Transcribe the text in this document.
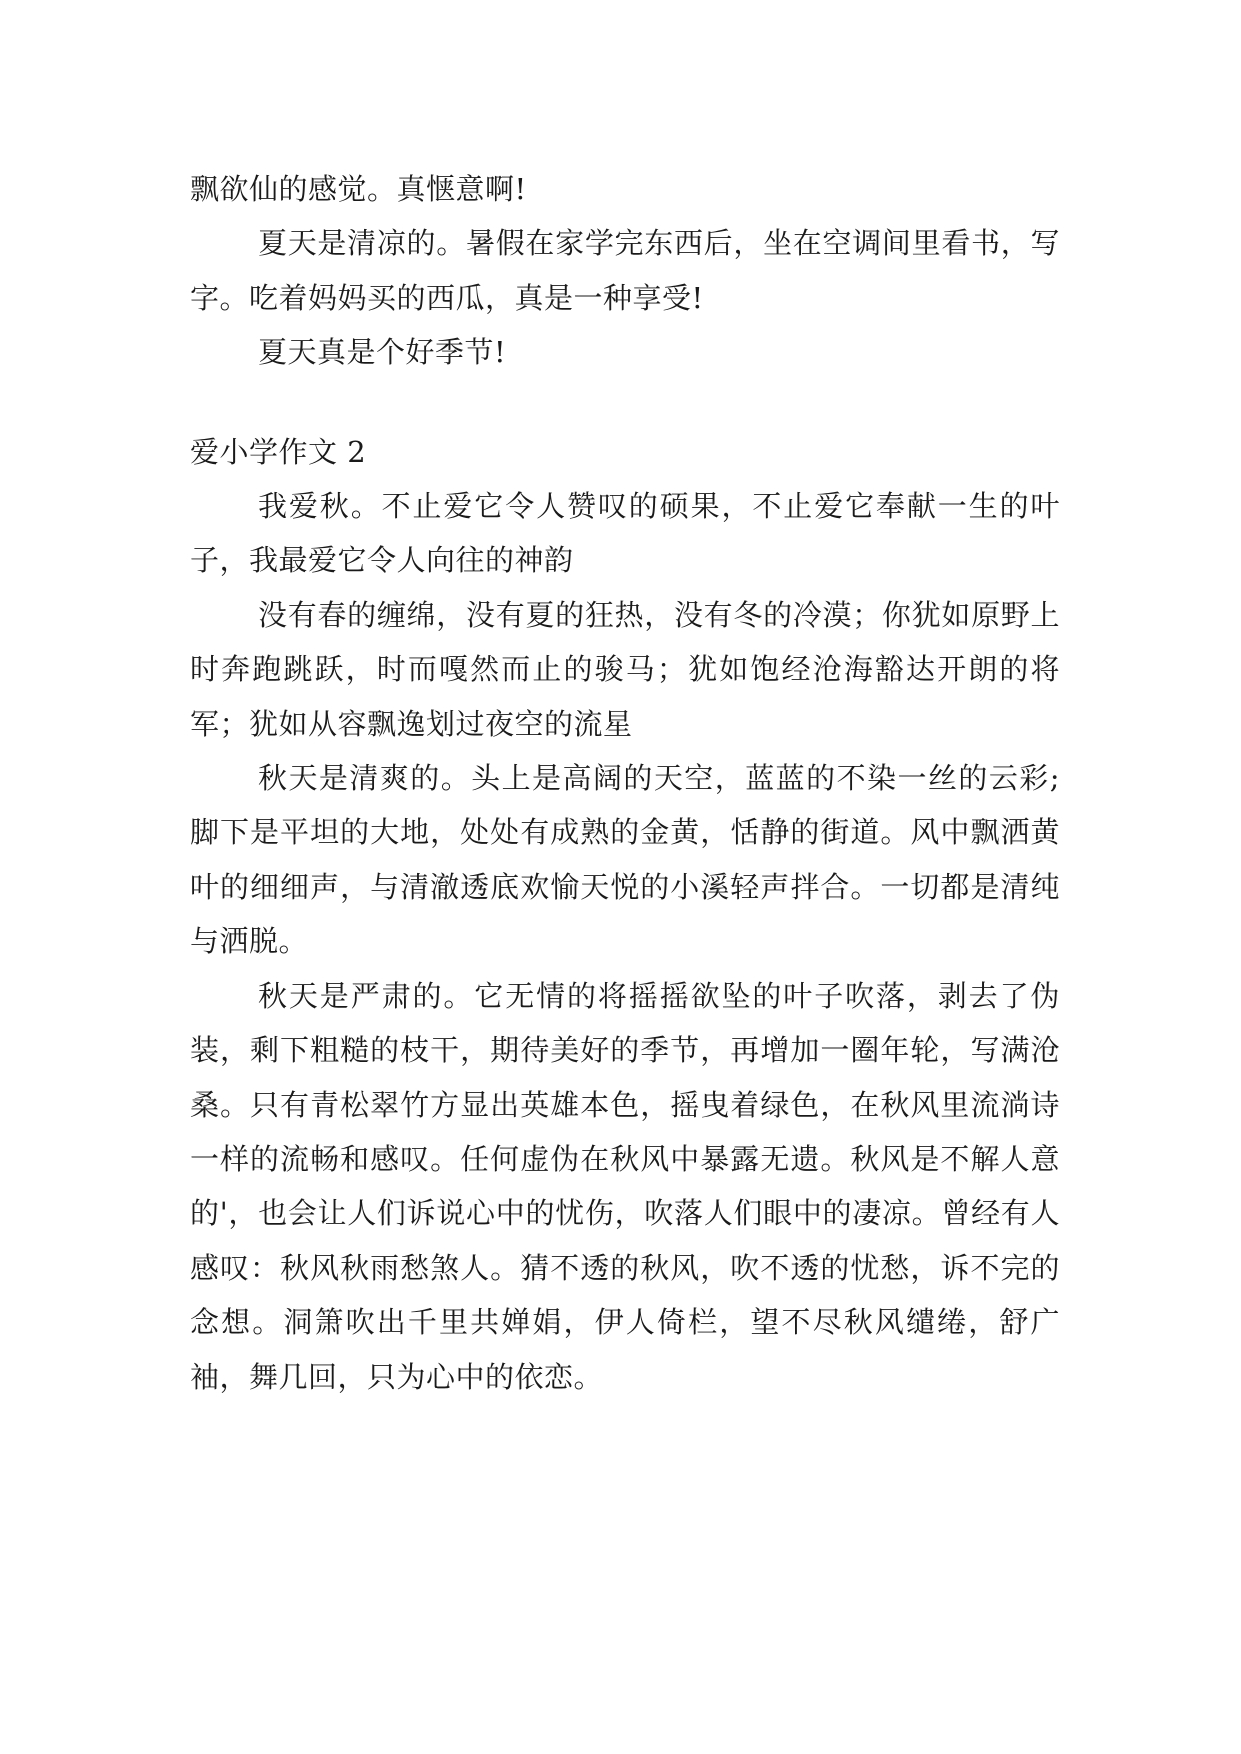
飘欲仙的感觉。真惬意啊!

夏天是清凉的。暑假在家学完东西后，坐在空调间里看书，写字。吃着妈妈买的西瓜，真是一种享受!

夏天真是个好季节!

爱小学作文 2

我爱秋。不止爱它令人赞叹的硕果，不止爱它奉献一生的叶子，我最爱它令人向往的神韵

没有春的缠绵，没有夏的狂热，没有冬的冷漠；你犹如原野上时奔跑跳跃，时而嘎然而止的骏马；犹如饱经沧海豁达开朗的将军；犹如从容飘逸划过夜空的流星

秋天是清爽的。头上是高阔的天空，蓝蓝的不染一丝的云彩;脚下是平坦的大地，处处有成熟的金黄，恬静的街道。风中飘洒黄叶的细细声，与清澈透底欢愉天悦的小溪轻声拌合。一切都是清纯与洒脱。

秋天是严肃的。它无情的将摇摇欲坠的叶子吹落，剥去了伪装，剩下粗糙的枝干，期待美好的季节，再增加一圈年轮，写满沧桑。只有青松翠竹方显出英雄本色，摇曳着绿色，在秋风里流淌诗一样的流畅和感叹。任何虚伪在秋风中暴露无遗。秋风是不解人意的'，也会让人们诉说心中的忧伤，吹落人们眼中的凄凉。曾经有人感叹：秋风秋雨愁煞人。猜不透的秋风，吹不透的忧愁，诉不完的念想。洞箫吹出千里共婵娟，伊人倚栏，望不尽秋风缱绻，舒广袖，舞几回，只为心中的依恋。
